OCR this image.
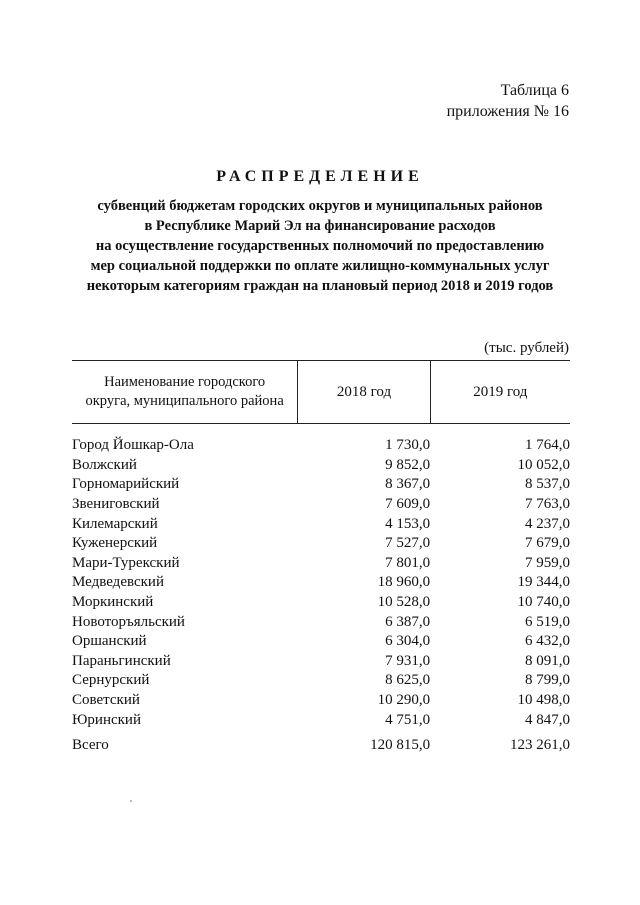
Таблица 6
приложения № 16
РАСПРЕДЕЛЕНИЕ
субвенций бюджетам городских округов и муниципальных районов
в Республике Марий Эл на финансирование расходов
на осуществление государственных полномочий по предоставлению
мер социальной поддержки по оплате жилищно-коммунальных услуг
некоторым категориям граждан на плановый период 2018 и 2019 годов
(тыс. рублей)
Наименование городского
округа, муниципального района	2018 год	2019 год

Город Йошкар-Ола	1 730,0	1 764,0
Волжский	9 852,0	10 052,0
Горномарийский	8 367,0	8 537,0
Звениговский	7 609,0	7 763,0
Килемарский	4 153,0	4 237,0
Куженерский	7 527,0	7 679,0
Мари-Турекский	7 801,0	7 959,0
Медведевский	18 960,0	19 344,0
Моркинский	10 528,0	10 740,0
Новоторъяльский	6 387,0	6 519,0
Оршанский	6 304,0	6 432,0
Параньгинский	7 931,0	8 091,0
Сернурский	8 625,0	8 799,0
Советский	10 290,0	10 498,0
Юринский	4 751,0	4 847,0
Всего	120 815,0	123 261,0
